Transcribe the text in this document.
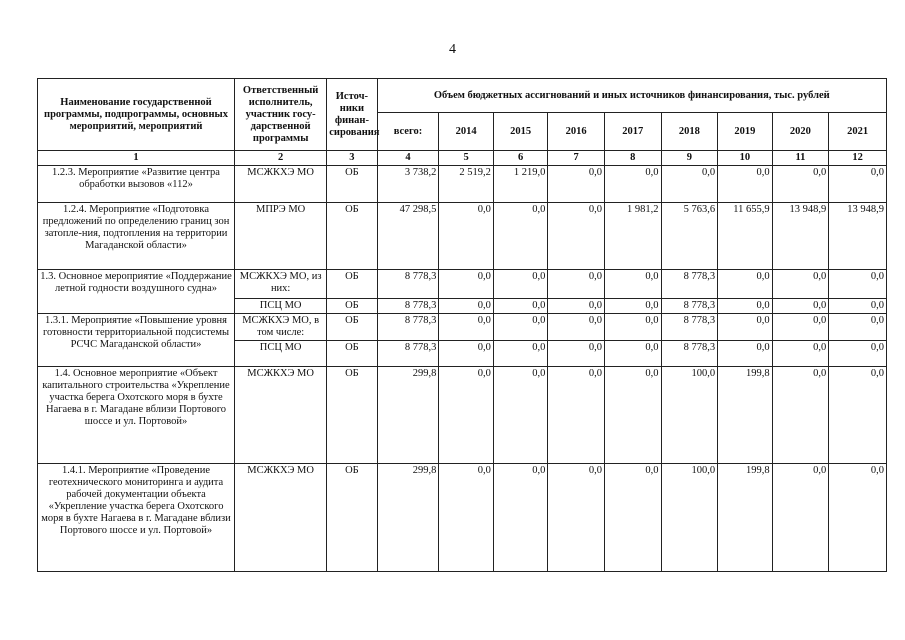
4
Наименование государственной программы, подпрограммы, основных мероприятий, мероприятий	Ответственный исполнитель, участник госу-дарственной программы	Источ-ники финан-сирования	Объем бюджетных ассигнований и иных источников финансирования, тыс. рублей								
			всего:	2014	2015	2016	2017	2018	2019	2020	2021
1	2	3	4	5	6	7	8	9	10	11	12
1.2.3. Мероприятие «Развитие центра обработки вызовов «112»	МСЖКХЭ МО	ОБ	3 738,2	2 519,2	1 219,0	0,0	0,0	0,0	0,0	0,0	0,0
1.2.4. Мероприятие «Подготовка предложений по определению границ зон затопле-ния, подтопления на территории Магаданской области»	МПРЭ МО	ОБ	47 298,5	0,0	0,0	0,0	1 981,2	5 763,6	11 655,9	13 948,9	13 948,9
1.3. Основное мероприятие «Поддержание летной годности воздушного судна»	МСЖКХЭ МО, из них:	ОБ	8 778,3	0,0	0,0	0,0	0,0	8 778,3	0,0	0,0	0,0
	ПСЦ МО	ОБ	8 778,3	0,0	0,0	0,0	0,0	8 778,3	0,0	0,0	0,0
1.3.1. Мероприятие «Повышение уровня готовности территориальной подсистемы РСЧС Магаданской области»	МСЖКХЭ МО, в том числе:	ОБ	8 778,3	0,0	0,0	0,0	0,0	8 778,3	0,0	0,0	0,0
	ПСЦ МО	ОБ	8 778,3	0,0	0,0	0,0	0,0	8 778,3	0,0	0,0	0,0
1.4. Основное мероприятие «Объект капитального строительства «Укрепление участка берега Охотского моря в бухте Нагаева в г. Магадане вблизи Портового шоссе и ул. Портовой»	МСЖКХЭ МО	ОБ	299,8	0,0	0,0	0,0	0,0	100,0	199,8	0,0	0,0
1.4.1. Мероприятие «Проведение геотехнического мониторинга и аудита рабочей документации объекта «Укрепление участка берега Охотского моря в бухте Нагаева в г. Магадане вблизи Портового шоссе и ул. Портовой»	МСЖКХЭ МО	ОБ	299,8	0,0	0,0	0,0	0,0	100,0	199,8	0,0	0,0
